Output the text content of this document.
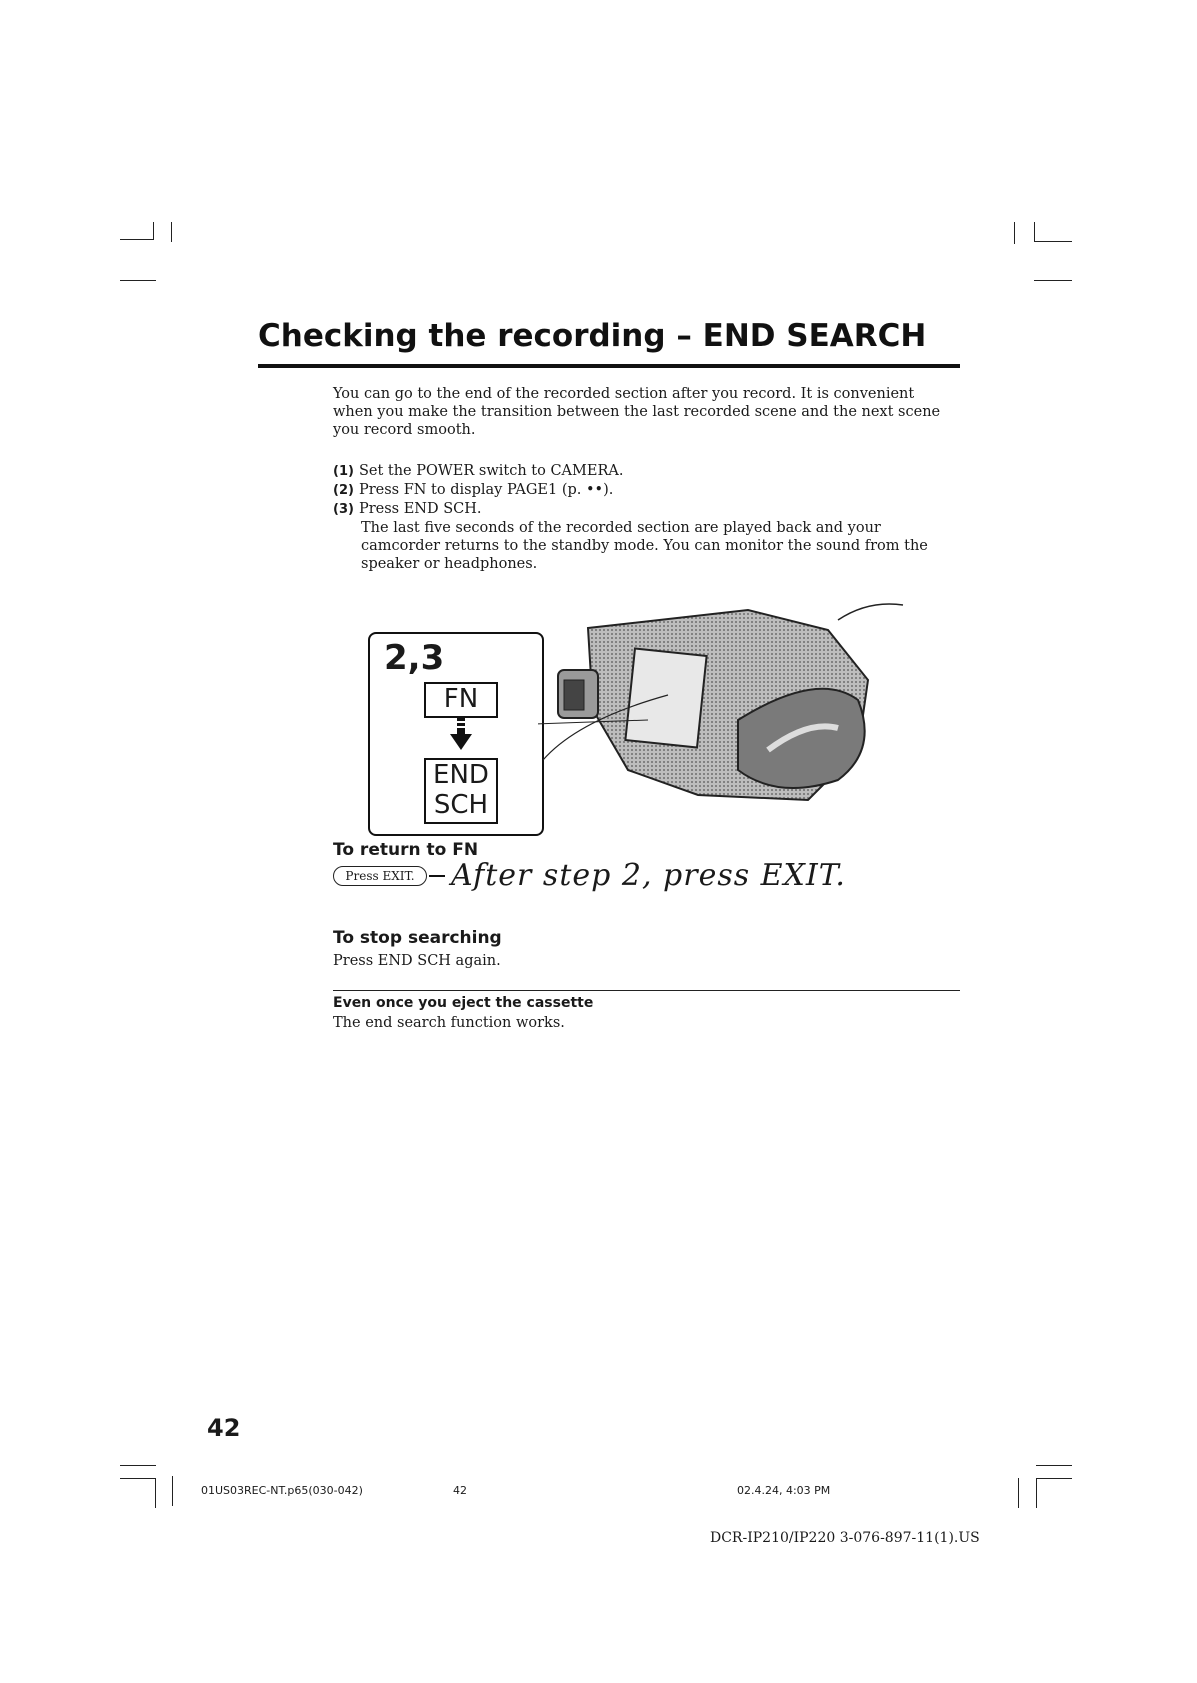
Checking the recording – END SEARCH
You can go to the end of the recorded section after you record. It is convenient when you make the transition between the last recorded scene and the next scene you record smooth.
(1) Set the POWER switch to CAMERA.
(2) Press FN to display PAGE1 (p. ••).
(3) Press END SCH.
The last five seconds of the recorded section are played back and your camcorder returns to the standby mode. You can monitor the sound from the speaker or headphones.
2,3
FN
END
SCH
To return to FN
Press EXIT.	After step 2, press EXIT.
To stop searching
Press END SCH again.
Even once you eject the cassette
The end search function works.
42
01US03REC-NT.p65(030-042)	42	02.4.24, 4:03 PM
DCR-IP210/IP220 3-076-897-11(1).US
